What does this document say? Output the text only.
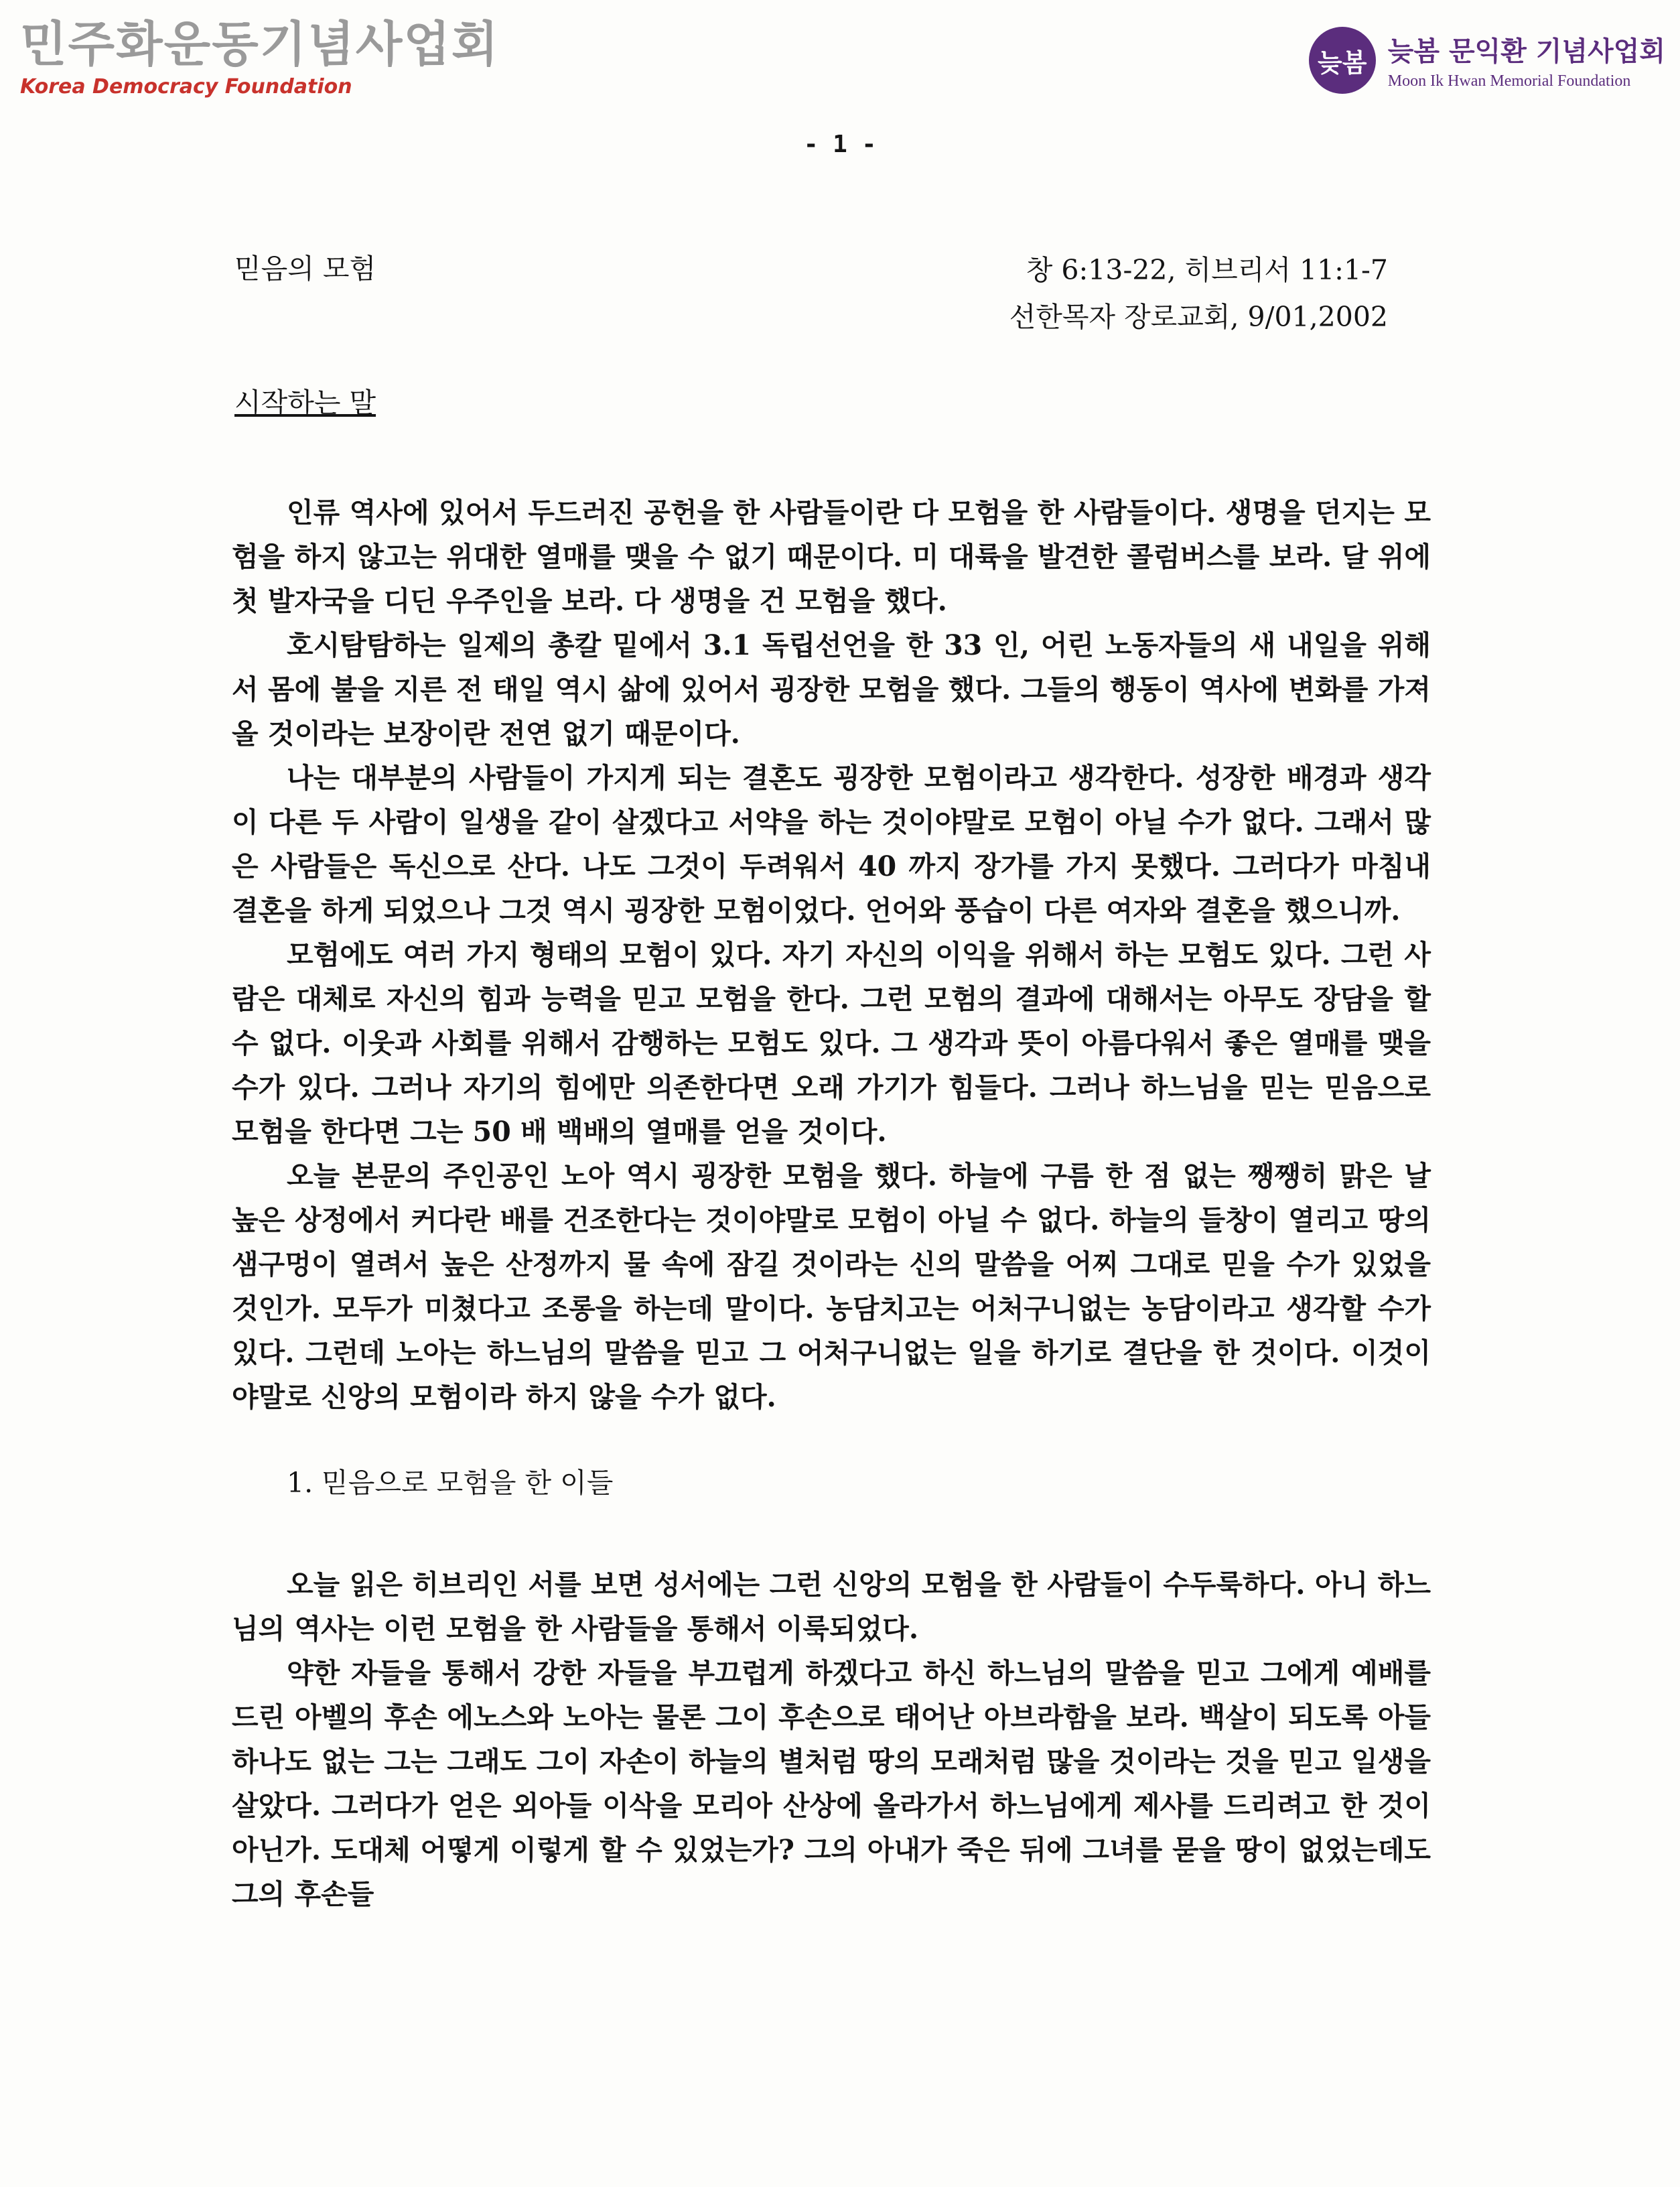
민주화운동기념사업회
Korea Democracy Foundation
늦봄 늦봄 문익환 기념사업회
Moon Ik Hwan Memorial Foundation
- 1 -
믿음의 모험	창 6:13-22, 히브리서 11:1-7
선한목자 장로교회, 9/01,2002
시작하는 말

인류 역사에 있어서 두드러진 공헌을 한 사람들이란 다 모험을 한 사람들이다. 생명을 던지는 모험을 하지 않고는 위대한 열매를 맺을 수 없기 때문이다. 미 대륙을 발견한 콜럼버스를 보라. 달 위에 첫 발자국을 디딘 우주인을 보라. 다 생명을 건 모험을 했다.

호시탐탐하는 일제의 총칼 밑에서 3.1 독립선언을 한 33 인, 어린 노동자들의 새 내일을 위해서 몸에 불을 지른 전 태일 역시 삶에 있어서 굉장한 모험을 했다. 그들의 행동이 역사에 변화를 가져올 것이라는 보장이란 전연 없기 때문이다.

나는 대부분의 사람들이 가지게 되는 결혼도 굉장한 모험이라고 생각한다. 성장한 배경과 생각이 다른 두 사람이 일생을 같이 살겠다고 서약을 하는 것이야말로 모험이 아닐 수가 없다. 그래서 많은 사람들은 독신으로 산다. 나도 그것이 두려워서 40 까지 장가를 가지 못했다. 그러다가 마침내 결혼을 하게 되었으나 그것 역시 굉장한 모험이었다. 언어와 풍습이 다른 여자와 결혼을 했으니까.

모험에도 여러 가지 형태의 모험이 있다. 자기 자신의 이익을 위해서 하는 모험도 있다. 그런 사람은 대체로 자신의 힘과 능력을 믿고 모험을 한다. 그런 모험의 결과에 대해서는 아무도 장담을 할 수 없다. 이웃과 사회를 위해서 감행하는 모험도 있다. 그 생각과 뜻이 아름다워서 좋은 열매를 맺을 수가 있다. 그러나 자기의 힘에만 의존한다면 오래 가기가 힘들다. 그러나 하느님을 믿는 믿음으로 모험을 한다면 그는 50 배 백배의 열매를 얻을 것이다.

오늘 본문의 주인공인 노아 역시 굉장한 모험을 했다. 하늘에 구름 한 점 없는 쨍쨍히 맑은 날 높은 상정에서 커다란 배를 건조한다는 것이야말로 모험이 아닐 수 없다. 하늘의 들창이 열리고 땅의 샘구멍이 열려서 높은 산정까지 물 속에 잠길 것이라는 신의 말씀을 어찌 그대로 믿을 수가 있었을 것인가. 모두가 미쳤다고 조롱을 하는데 말이다. 농담치고는 어처구니없는 농담이라고 생각할 수가 있다. 그런데 노아는 하느님의 말씀을 믿고 그 어처구니없는 일을 하기로 결단을 한 것이다. 이것이야말로 신앙의 모험이라 하지 않을 수가 없다.

1. 믿음으로 모험을 한 이들

오늘 읽은 히브리인 서를 보면 성서에는 그런 신앙의 모험을 한 사람들이 수두룩하다. 아니 하느님의 역사는 이런 모험을 한 사람들을 통해서 이룩되었다.

약한 자들을 통해서 강한 자들을 부끄럽게 하겠다고 하신 하느님의 말씀을 믿고 그에게 예배를 드린 아벨의 후손 에노스와 노아는 물론 그이 후손으로 태어난 아브라함을 보라. 백살이 되도록 아들 하나도 없는 그는 그래도 그이 자손이 하늘의 별처럼 땅의 모래처럼 많을 것이라는 것을 믿고 일생을 살았다. 그러다가 얻은 외아들 이삭을 모리아 산상에 올라가서 하느님에게 제사를 드리려고 한 것이 아닌가. 도대체 어떻게 이렇게 할 수 있었는가? 그의 아내가 죽은 뒤에 그녀를 묻을 땅이 없었는데도 그의 후손들
